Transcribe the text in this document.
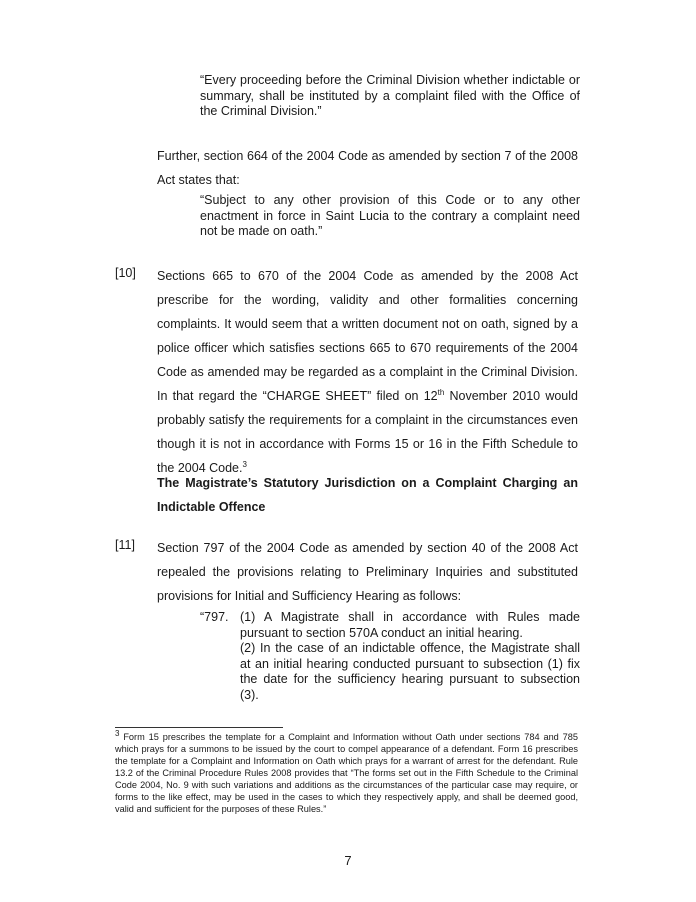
“Every proceeding before the Criminal Division whether indictable or summary, shall be instituted by a complaint filed with the Office of the Criminal Division.”

Further, section 664 of the 2004 Code as amended by section 7 of the 2008 Act states that:

“Subject to any other provision of this Code or to any other enactment in force in Saint Lucia to the contrary a complaint need not be made on oath.”

[10] Sections 665 to 670 of the 2004 Code as amended by the 2008 Act prescribe for the wording, validity and other formalities concerning complaints. It would seem that a written document not on oath, signed by a police officer which satisfies sections 665 to 670 requirements of the 2004 Code as amended may be regarded as a complaint in the Criminal Division. In that regard the “CHARGE SHEET” filed on 12th November 2010 would probably satisfy the requirements for a complaint in the circumstances even though it is not in accordance with Forms 15 or 16 in the Fifth Schedule to the 2004 Code.$^3$

The Magistrate’s Statutory Jurisdiction on a Complaint Charging an Indictable Offence

[11] Section 797 of the 2004 Code as amended by section 40 of the 2008 Act repealed the provisions relating to Preliminary Inquiries and substituted provisions for Initial and Sufficiency Hearing as follows:

“797. (1) A Magistrate shall in accordance with Rules made pursuant to section 570A conduct an initial hearing.

(2) In the case of an indictable offence, the Magistrate shall at an initial hearing conducted pursuant to subsection (1) fix the date for the sufficiency hearing pursuant to subsection (3).

$^3$ Form 15 prescribes the template for a Complaint and Information without Oath under sections 784 and 785 which prays for a summons to be issued by the court to compel appearance of a defendant. Form 16 prescribes the template for a Complaint and Information on Oath which prays for a warrant of arrest for the defendant. Rule 13.2 of the Criminal Procedure Rules 2008 provides that “The forms set out in the Fifth Schedule to the Criminal Code 2004, No. 9 with such variations and additions as the circumstances of the particular case may require, or forms to the like effect, may be used in the cases to which they respectively apply, and shall be deemed good, valid and sufficient for the purposes of these Rules.”

7
